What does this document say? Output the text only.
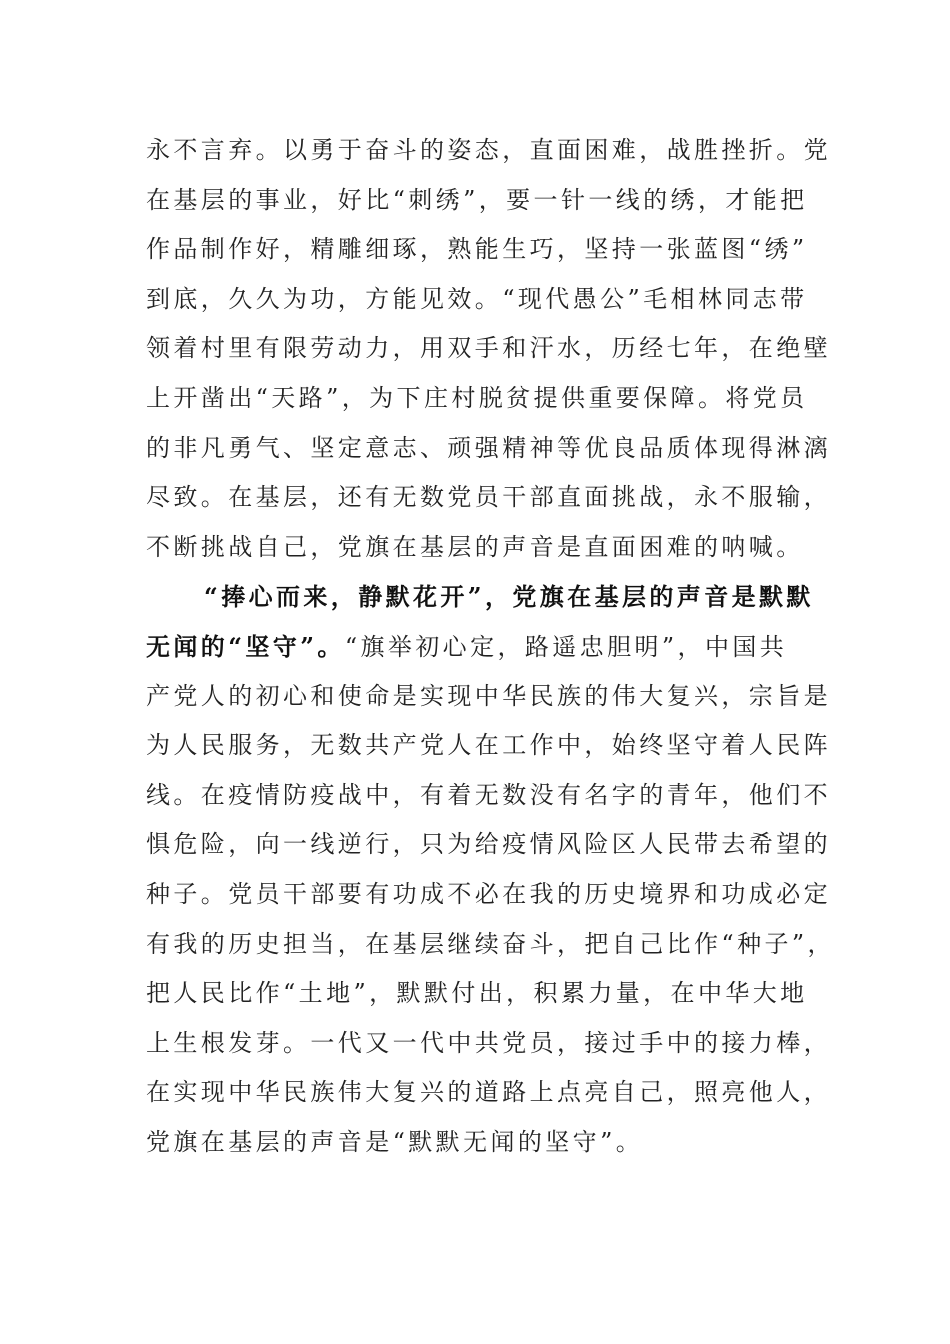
永不言弃。以勇于奋斗的姿态，直面困难，战胜挫折。党
在基层的事业，好比“刺绣”，要一针一线的绣，才能把
作品制作好，精雕细琢，熟能生巧，坚持一张蓝图“绣”
到底，久久为功，方能见效。“现代愚公”毛相林同志带
领着村里有限劳动力，用双手和汗水，历经七年，在绝壁
上开凿出“天路”，为下庄村脱贫提供重要保障。将党员
的非凡勇气、坚定意志、顽强精神等优良品质体现得淋漓
尽致。在基层，还有无数党员干部直面挑战，永不服输，
不断挑战自己，党旗在基层的声音是直面困难的呐喊。
“捧心而来，静默花开”，党旗在基层的声音是默默
无闻的“坚守”。“旗举初心定，路遥忠胆明”，中国共
产党人的初心和使命是实现中华民族的伟大复兴，宗旨是
为人民服务，无数共产党人在工作中，始终坚守着人民阵
线。在疫情防疫战中，有着无数没有名字的青年，他们不
惧危险，向一线逆行，只为给疫情风险区人民带去希望的
种子。党员干部要有功成不必在我的历史境界和功成必定
有我的历史担当，在基层继续奋斗，把自己比作“种子”，
把人民比作“土地”，默默付出，积累力量，在中华大地
上生根发芽。一代又一代中共党员，接过手中的接力棒，
在实现中华民族伟大复兴的道路上点亮自己，照亮他人，
党旗在基层的声音是“默默无闻的坚守”。
